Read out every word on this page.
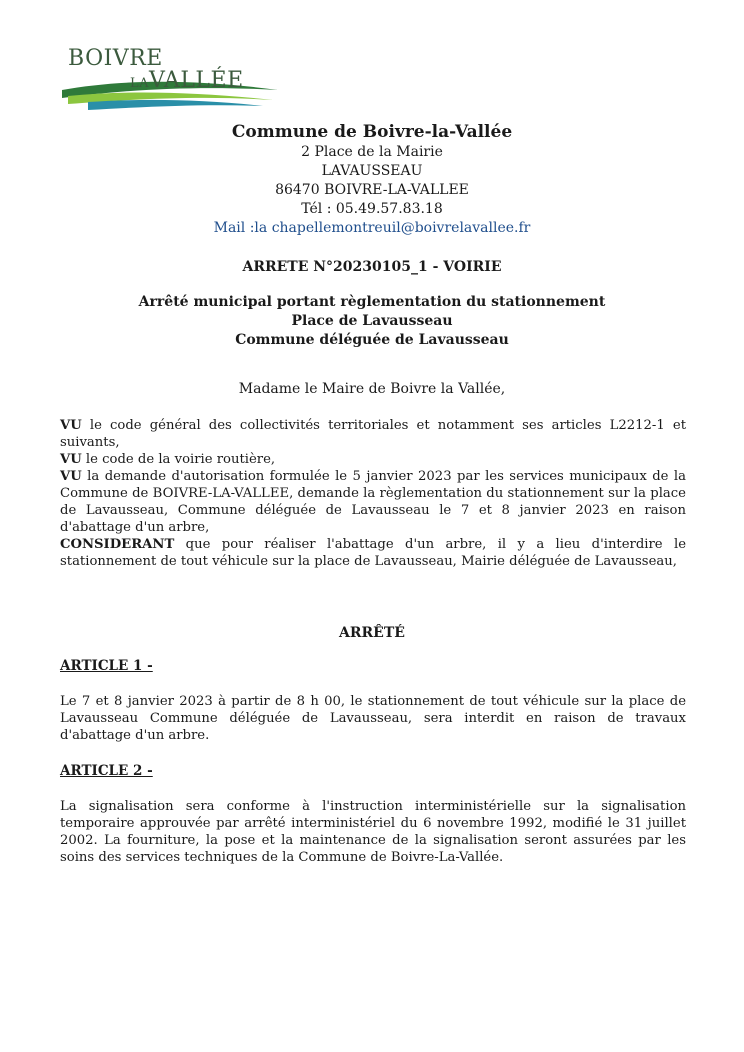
BOIVRE
LAVALLÉE
Commune de Boivre-la-Vallée
2 Place de la Mairie
LAVAUSSEAU
86470 BOIVRE-LA-VALLEE
Tél : 05.49.57.83.18
Mail :la chapellemontreuil@boivrelavallee.fr
ARRETE N°20230105_1 - VOIRIE
Arrêté municipal portant règlementation du stationnement
Place de Lavausseau
Commune déléguée de Lavausseau
Madame le Maire de Boivre la Vallée,
VU le code général des collectivités territoriales et notamment ses articles L2212-1 et suivants,
VU le code de la voirie routière,
VU la demande d'autorisation formulée le 5 janvier 2023 par les services municipaux de la Commune de BOIVRE-LA-VALLEE, demande la règlementation du stationnement sur la place de Lavausseau, Commune déléguée de Lavausseau le 7 et 8 janvier 2023 en raison d'abattage d'un arbre,
CONSIDERANT que pour réaliser l'abattage d'un arbre, il y a lieu d'interdire le stationnement de tout véhicule sur la place de Lavausseau, Mairie déléguée de Lavausseau,
ARRÊTÉ
ARTICLE 1 -
Le 7 et 8 janvier 2023 à partir de 8 h 00, le stationnement de tout véhicule sur la place de Lavausseau Commune déléguée de Lavausseau, sera interdit en raison de travaux d'abattage d'un arbre.
ARTICLE 2 -
La signalisation sera conforme à l'instruction interministérielle sur la signalisation temporaire approuvée par arrêté interministériel du 6 novembre 1992, modifié le 31 juillet 2002. La fourniture, la pose et la maintenance de la signalisation seront assurées par les soins des services techniques de la Commune de Boivre-La-Vallée.
